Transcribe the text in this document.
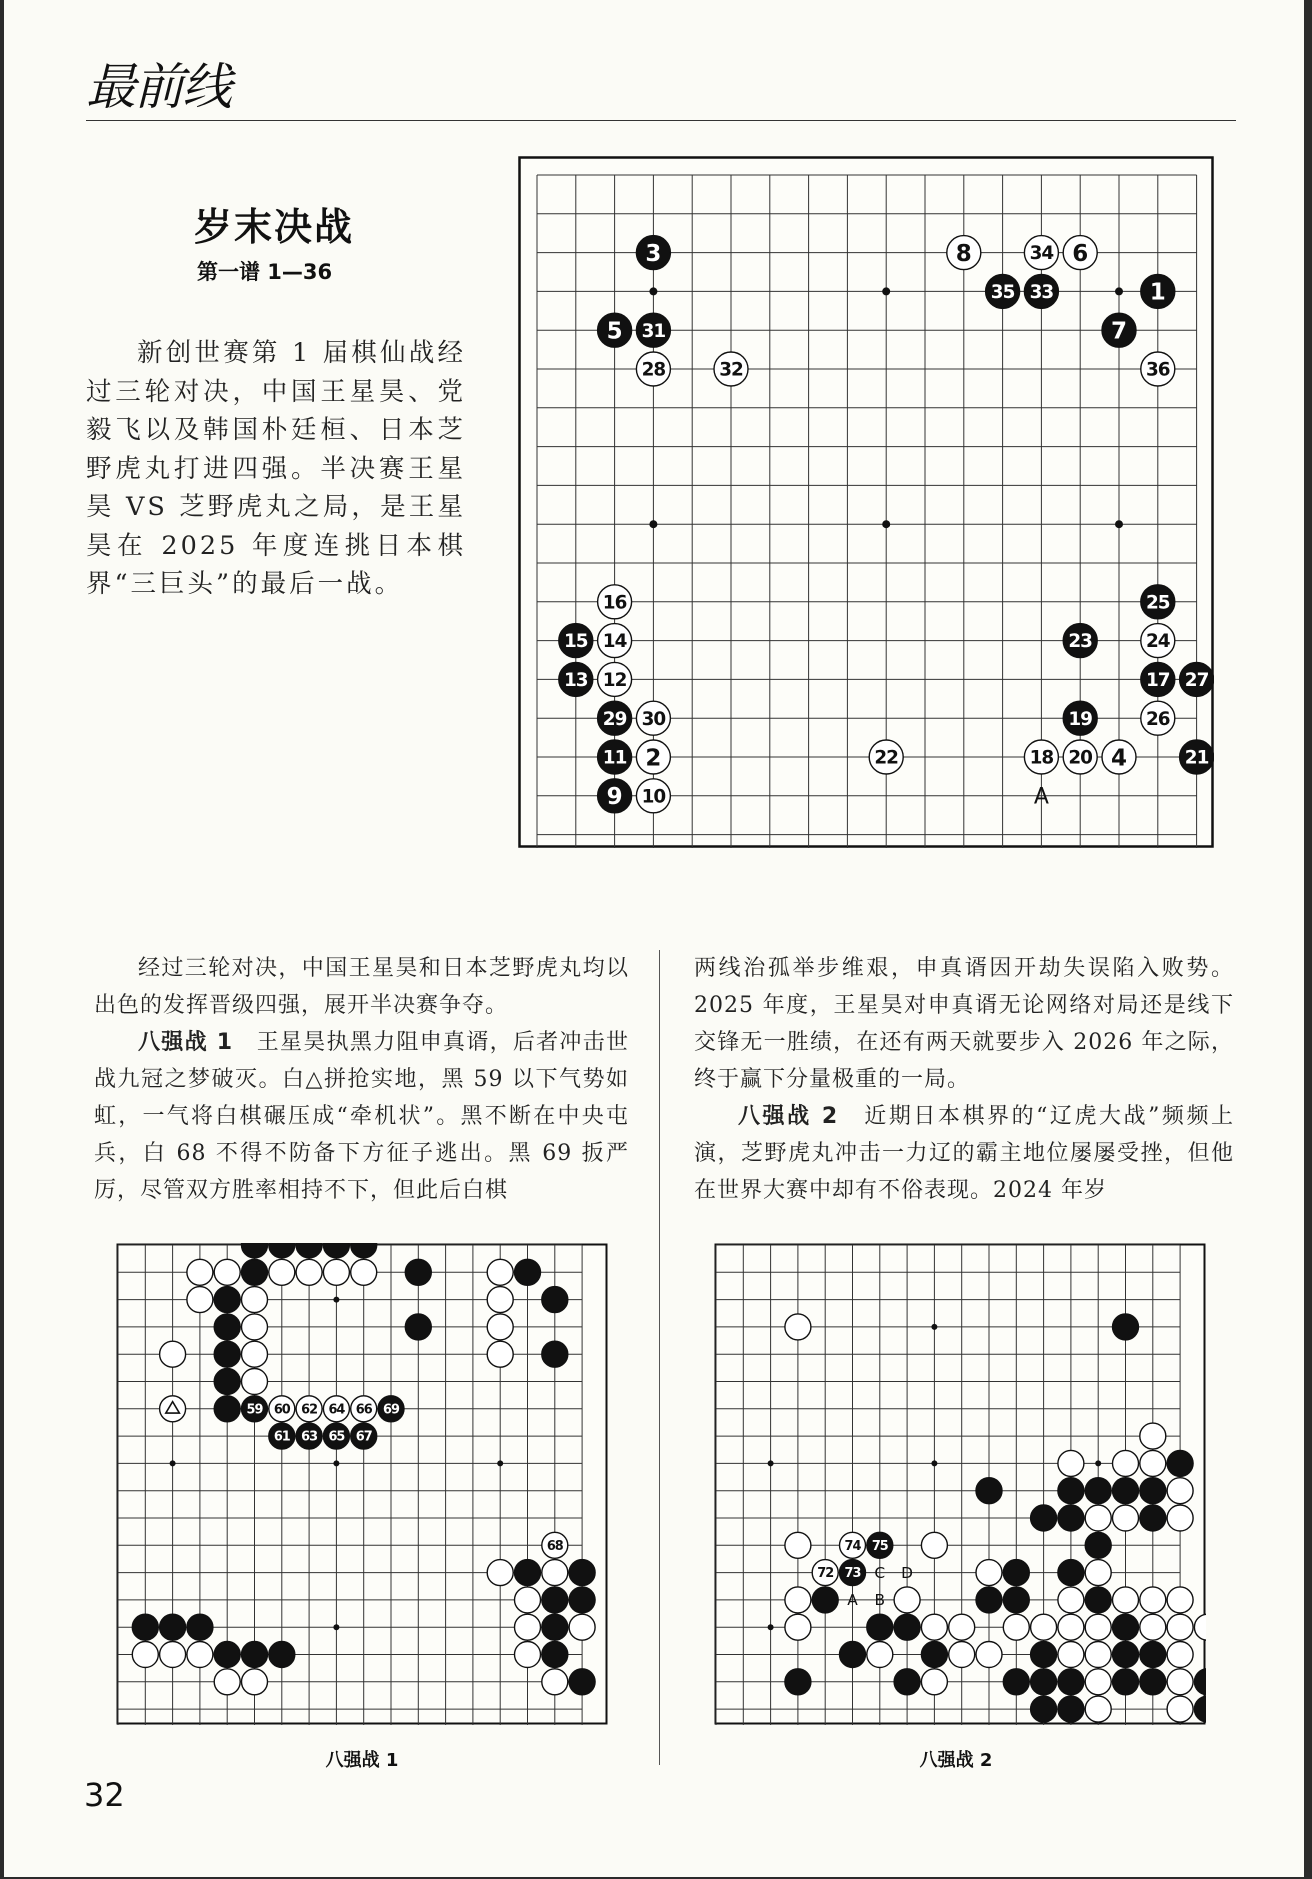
最前线
岁末决战
第一谱 1—36

新创世赛第 1 届棋仙战经过三轮对决，中国王星昊、党毅飞以及韩国朴廷桓、日本芝野虎丸打进四强。半决赛王星昊 VS 芝野虎丸之局，是王星昊在 2025 年度连挑日本棋界“三巨头”的最后一战。

A
3	8	34 6
35 33	1
5 31	7
28	32	36
16	25
15 14	23	24
13 12	17 27
29 30	19	26
11 2	22	18 20 4	21
9 10

经过三轮对决，中国王星昊和日本芝野虎丸均以出色的发挥晋级四强，展开半决赛争夺。

八强战 1　王星昊执黑力阻申真谞，后者冲击世战九冠之梦破灭。白△拼抢实地，黑 59 以下气势如虹，一气将白棋碾压成“牵机状”。黑不断在中央屯兵，白 68 不得不防备下方征子逃出。黑 69 扳严厉，尽管双方胜率相持不下，但此后白棋

两线治孤举步维艰，申真谞因开劫失误陷入败势。2025 年度，王星昊对申真谞无论网络对局还是线下交锋无一胜绩，在还有两天就要步入 2026 年之际，终于赢下分量极重的一局。

八强战 2　近期日本棋界的“辽虎大战”频频上演，芝野虎丸冲击一力辽的霸主地位屡屡受挫，但他在世界大赛中却有不俗表现。2024 年岁

59 60 62 64 66 69
61 63 65 67
68
八强战 1
A B
C D
74 75
72 73
八强战 2
32
